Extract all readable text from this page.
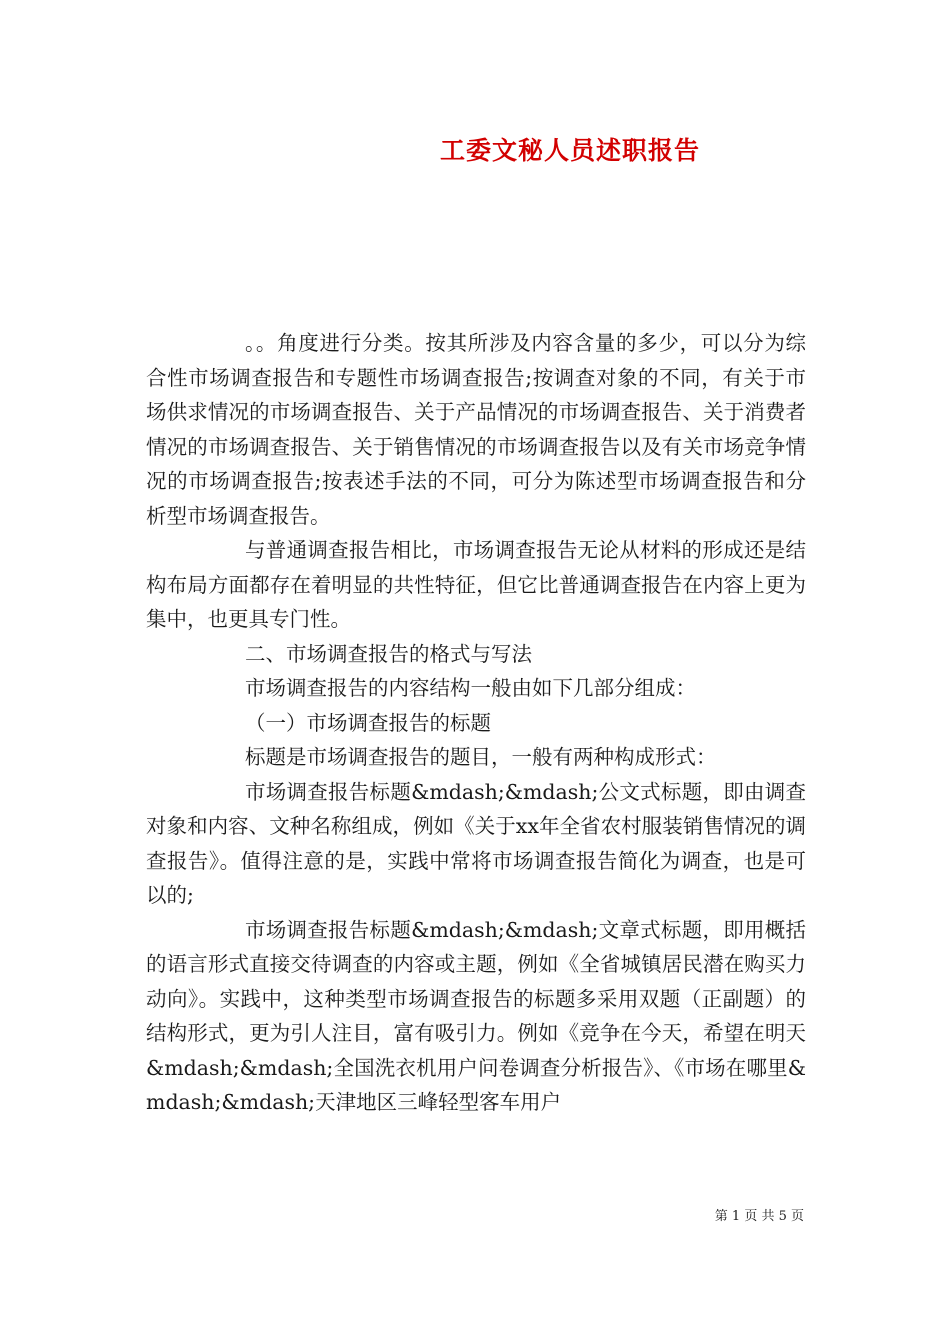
工委文秘人员述职报告

。。角度进行分类。按其所涉及内容含量的多少，可以分为综合性市场调查报告和专题性市场调查报告;按调查对象的不同，有关于市场供求情况的市场调查报告、关于产品情况的市场调查报告、关于消费者情况的市场调查报告、关于销售情况的市场调查报告以及有关市场竞争情况的市场调查报告;按表述手法的不同，可分为陈述型市场调查报告和分析型市场调查报告。

与普通调查报告相比，市场调查报告无论从材料的形成还是结构布局方面都存在着明显的共性特征，但它比普通调查报告在内容上更为集中，也更具专门性。

二、市场调查报告的格式与写法

市场调查报告的内容结构一般由如下几部分组成：

（一）市场调查报告的标题

标题是市场调查报告的题目，一般有两种构成形式：

市场调查报告标题&mdash;&mdash;公文式标题，即由调查对象和内容、文种名称组成，例如《关于xx年全省农村服装销售情况的调查报告》。值得注意的是，实践中常将市场调查报告简化为调查，也是可以的;

市场调查报告标题&mdash;&mdash;文章式标题，即用概括的语言形式直接交待调查的内容或主题，例如《全省城镇居民潜在购买力动向》。实践中，这种类型市场调查报告的标题多采用双题（正副题）的结构形式，更为引人注目，富有吸引力。例如《竞争在今天，希望在明天&mdash;&mdash;全国洗衣机用户问卷调查分析报告》、《市场在哪里&mdash;&mdash;天津地区三峰轻型客车用户

第 1 页 共 5 页
